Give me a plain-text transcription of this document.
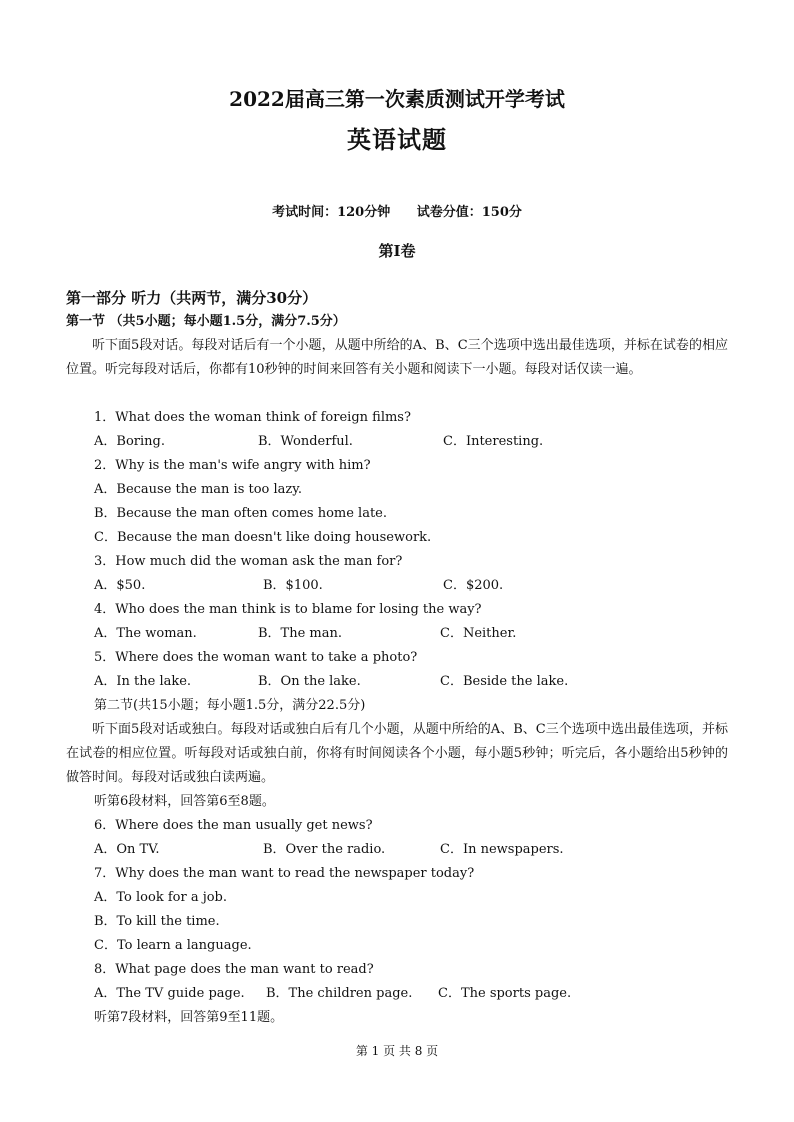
2022届高三第一次素质测试开学考试
英语试题
考试时间：120分钟 试卷分值：150分
第I卷
第一部分 听力（共两节，满分30分）
第一节 （共5小题；每小题1.5分，满分7.5分）
听下面5段对话。每段对话后有一个小题，从题中所给的A、B、C三个选项中选出最佳选项，并标在试卷的相应位置。听完每段对话后，你都有10秒钟的时间来回答有关小题和阅读下一小题。每段对话仅读一遍。
1．What does the woman think of foreign films?
A．Boring.	B．Wonderful.	C．Interesting.
2．Why is the man's wife angry with him?
A．Because the man is too lazy.
B．Because the man often comes home late.
C．Because the man doesn't like doing housework.
3．How much did the woman ask the man for?
A．$50.	B．$100.	C．$200.
4．Who does the man think is to blame for losing the way?
A．The woman.	B．The man.	C．Neither.
5．Where does the woman want to take a photo?
A．In the lake.	B．On the lake.	C．Beside the lake.
第二节(共15小题；每小题1.5分，满分22.5分)
听下面5段对话或独白。每段对话或独白后有几个小题，从题中所给的A、B、C三个选项中选出最佳选项，并标在试卷的相应位置。听每段对话或独白前，你将有时间阅读各个小题，每小题5秒钟；听完后，各小题给出5秒钟的做答时间。每段对话或独白读两遍。
听第6段材料，回答第6至8题。
6．Where does the man usually get news?
A．On TV.	B．Over the radio.	C．In newspapers.
7．Why does the man want to read the newspaper today?
A．To look for a job.
B．To kill the time.
C．To learn a language.
8．What page does the man want to read?
A．The TV guide page. B．The children page. C．The sports page.
听第7段材料，回答第9至11题。
第 1 页 共 8 页
